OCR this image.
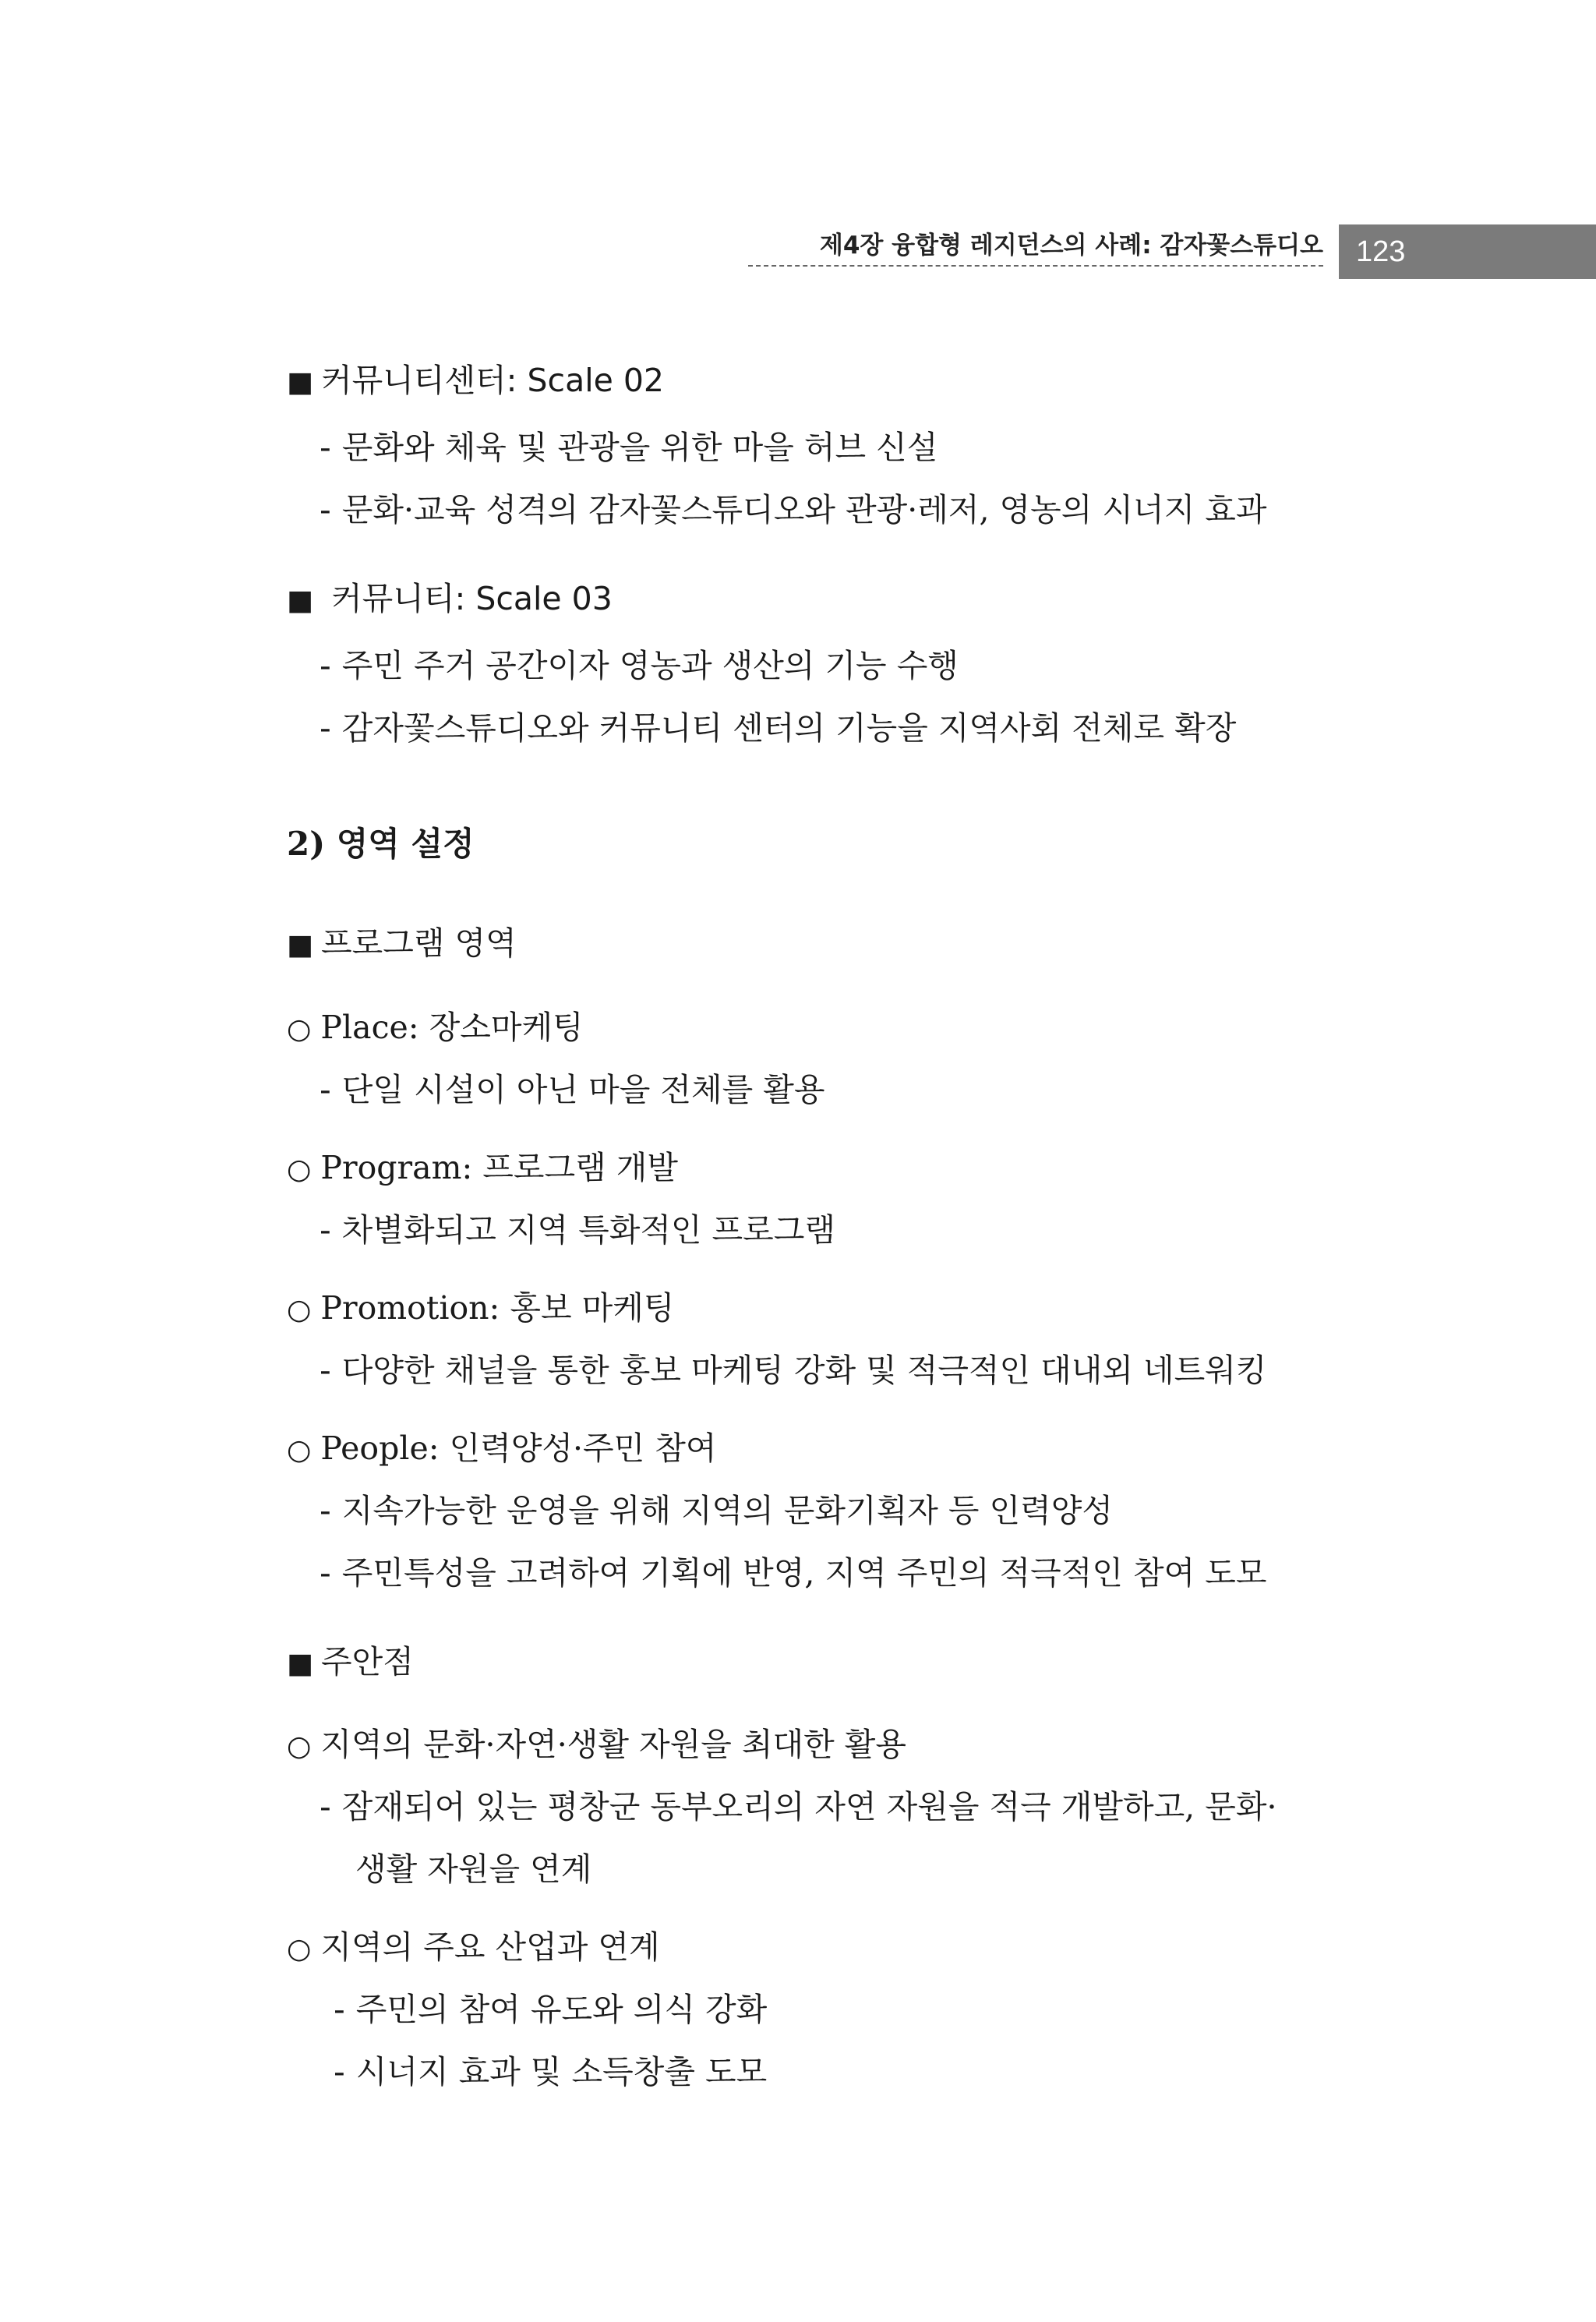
제4장 융합형 레지던스의 사례: 감자꽃스튜디오	123
■ 커뮤니티센터: Scale 02
- 문화와 체육 및 관광을 위한 마을 허브 신설
- 문화·교육 성격의 감자꽃스튜디오와 관광·레저, 영농의 시너지 효과
■ 커뮤니티: Scale 03
- 주민 주거 공간이자 영농과 생산의 기능 수행
- 감자꽃스튜디오와 커뮤니티 센터의 기능을 지역사회 전체로 확장
2) 영역 설정
■ 프로그램 영역
○ Place: 장소마케팅
- 단일 시설이 아닌 마을 전체를 활용
○ Program: 프로그램 개발
- 차별화되고 지역 특화적인 프로그램
○ Promotion: 홍보 마케팅
- 다양한 채널을 통한 홍보 마케팅 강화 및 적극적인 대내외 네트워킹
○ People: 인력양성·주민 참여
- 지속가능한 운영을 위해 지역의 문화기획자 등 인력양성
- 주민특성을 고려하여 기획에 반영, 지역 주민의 적극적인 참여 도모
■ 주안점
○ 지역의 문화·자연·생활 자원을 최대한 활용
- 잠재되어 있는 평창군 동부오리의 자연 자원을 적극 개발하고, 문화·
생활 자원을 연계
○ 지역의 주요 산업과 연계
- 주민의 참여 유도와 의식 강화
- 시너지 효과 및 소득창출 도모
